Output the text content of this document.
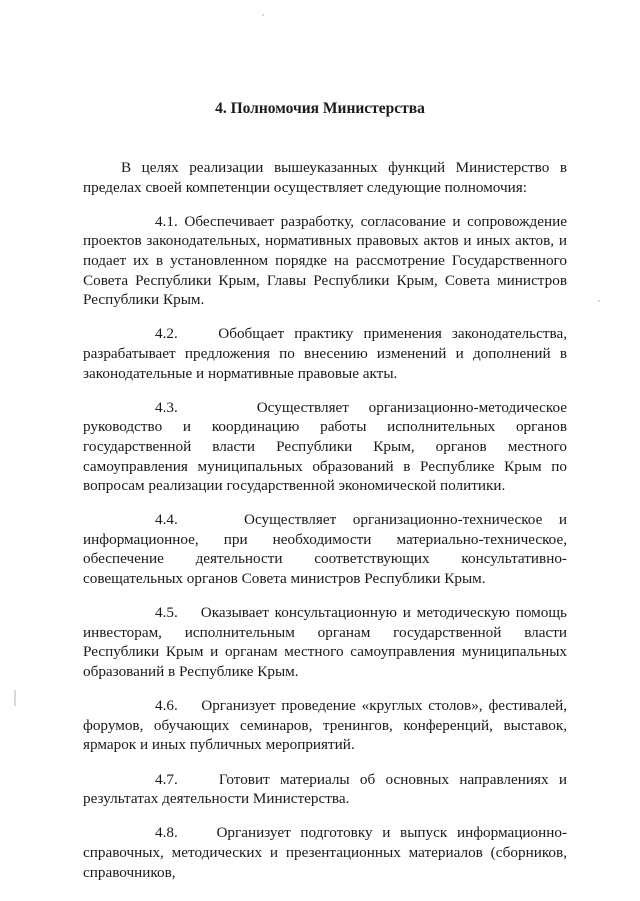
4. Полномочия Министерства

В целях реализации вышеуказанных функций Министерство в пределах своей компетенции осуществляет следующие полномочия:

4.1. Обеспечивает разработку, согласование и сопровождение проектов законодательных, нормативных правовых актов и иных актов, и подает их в установленном порядке на рассмотрение Государственного Совета Республики Крым, Главы Республики Крым, Совета министров Республики Крым.

4.2.	Обобщает практику применения законодательства, разрабатывает предложения по внесению изменений и дополнений в законодательные и нормативные правовые акты.

4.3.	Осуществляет организационно-методическое руководство и координацию работы исполнительных органов государственной власти Республики Крым, органов местного самоуправления муниципальных образований в Республике Крым по вопросам реализации государственной экономической политики.

4.4.	Осуществляет организационно-техническое и информационное, при необходимости материально-техническое, обеспечение деятельности соответствующих консультативно-совещательных органов Совета министров Республики Крым.

4.5. Оказывает консультационную и методическую помощь инвесторам, исполнительным органам государственной власти Республики Крым и органам местного самоуправления муниципальных образований в Республике Крым.

4.6. Организует проведение «круглых столов», фестивалей, форумов, обучающих семинаров, тренингов, конференций, выставок, ярмарок и иных публичных мероприятий.

4.7.	Готовит материалы об основных направлениях и результатах деятельности Министерства.

4.8.	Организует подготовку и выпуск информационно-справочных, методических и презентационных материалов (сборников, справочников,
